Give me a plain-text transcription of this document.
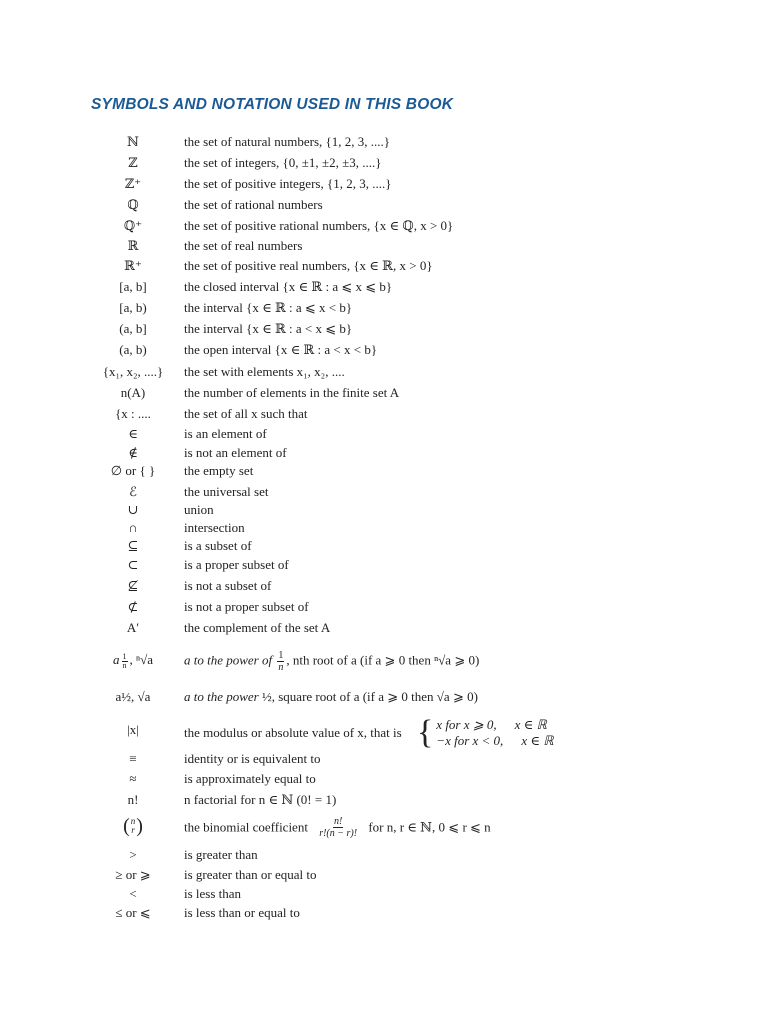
SYMBOLS AND NOTATION USED IN THIS BOOK
ℕ	the set of natural numbers, {1, 2, 3, ....}
ℤ	the set of integers, {0, ±1, ±2, ±3, ....}
ℤ⁺	the set of positive integers, {1, 2, 3, ....}
ℚ	the set of rational numbers
ℚ⁺	the set of positive rational numbers, {x ∈ ℚ, x > 0}
ℝ	the set of real numbers
ℝ⁺	the set of positive real numbers, {x ∈ ℝ, x > 0}
[a, b]	the closed interval {x ∈ ℝ : a ⩽ x ⩽ b}
[a, b)	the interval {x ∈ ℝ : a ⩽ x < b}
(a, b]	the interval {x ∈ ℝ : a < x ⩽ b}
(a, b)	the open interval {x ∈ ℝ : a < x < b}
{x₁, x₂, ....}	the set with elements x₁, x₂, ....
n(A)	the number of elements in the finite set A
{x : ....	the set of all x such that
∈	is an element of
∉	is not an element of
∅ or { }	the empty set
ℰ	the universal set
∪	union
∩	intersection
⊆	is a subset of
⊂	is a proper subset of
⊈	is not a subset of
⊄	is not a proper subset of
A′	the complement of the set A
a $\frac{1}{n}$ , ⁿ√a	a to the power of $\frac{1}{n}$ , nth root of a (if a ⩾ 0 then ⁿ√a ⩾ 0)
a½, √a	a to the power ½, square root of a (if a ⩾ 0 then √a ⩾ 0)
|x|	the modulus or absolute value of x, that is { x for x ⩾ 0, x ∈ ℝ
−x for x < 0, x ∈ ℝ
≡	identity or is equivalent to
≈	is approximately equal to
n!	n factorial for n ∈ ℕ (0! = 1)
( n
r )	the binomial coefficient $\frac{n!}{r!(n - r)!}$ for n, r ∈ ℕ, 0 ⩽ r ⩽ n
>	is greater than
≥ or ⩾	is greater than or equal to
<	is less than
≤ or ⩽	is less than or equal to
